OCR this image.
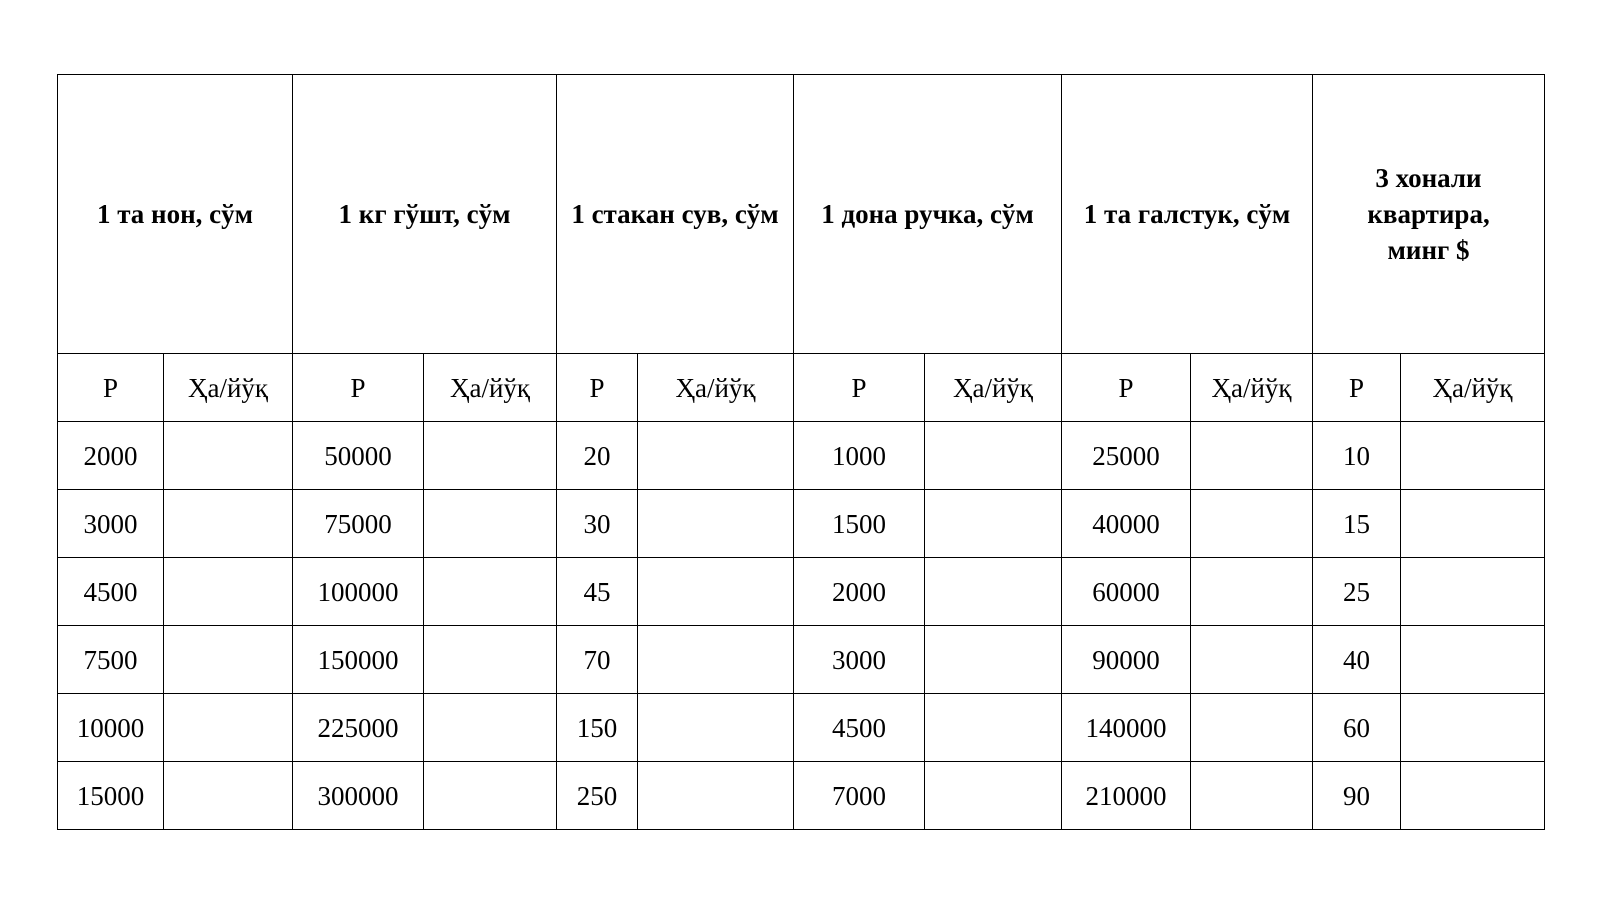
1 та нон, сўм		1 кг гўшт, сўм		1 стакан сув, сўм		1 дона ручка, сўм		1 та галстук, сўм		3 хонали квартира, минг $	
Р	Ҳа/йўқ	Р	Ҳа/йўқ	Р	Ҳа/йўқ	Р	Ҳа/йўқ	Р	Ҳа/йўқ	Р	Ҳа/йўқ
2000		50000		20		1000		25000		10	
3000		75000		30		1500		40000		15	
4500		100000		45		2000		60000		25	
7500		150000		70		3000		90000		40	
10000		225000		150		4500		140000		60	
15000		300000		250		7000		210000		90	
